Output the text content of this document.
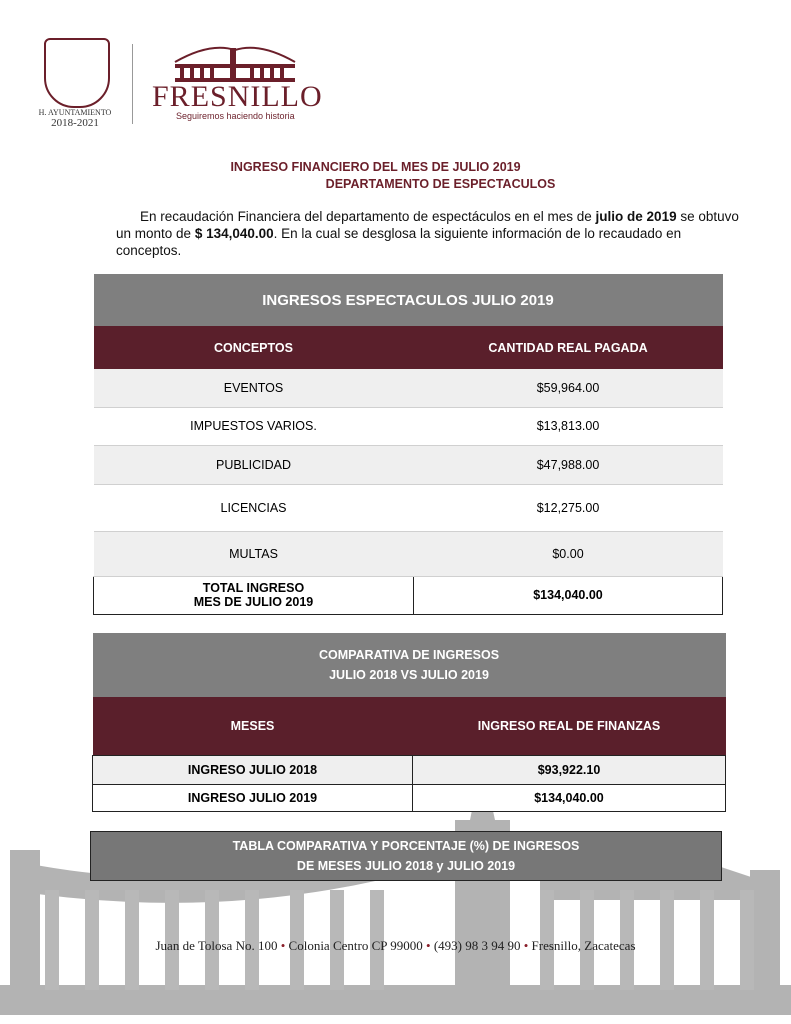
H. AYUNTAMIENTO
2018-2021
FRESNILLO
Seguiremos haciendo historia
INGRESO FINANCIERO DEL MES DE JULIO 2019
DEPARTAMENTO DE ESPECTACULOS
En recaudación Financiera del departamento de espectáculos en el mes de julio de 2019 se obtuvo un monto de $ 134,040.00. En la cual se desglosa la siguiente información de lo recaudado en conceptos.
INGRESOS ESPECTACULOS JULIO 2019	
CONCEPTOS	CANTIDAD REAL PAGADA
EVENTOS	$59,964.00
IMPUESTOS VARIOS.	$13,813.00
PUBLICIDAD	$47,988.00
LICENCIAS	$12,275.00
MULTAS	$0.00

TOTAL INGRESO
MES DE JULIO 2019	$134,040.00
COMPARATIVA DE INGRESOS
JULIO 2018 VS JULIO 2019	

MESES	INGRESO REAL DE FINANZAS
INGRESO JULIO 2018	$93,922.10
INGRESO JULIO 2019	$134,040.00
TABLA COMPARATIVA Y PORCENTAJE (%) DE INGRESOS
DE MESES JULIO 2018 y JULIO 2019
Juan de Tolosa No. 100 • Colonia Centro CP 99000 • (493) 98 3 94 90 • Fresnillo, Zacatecas
